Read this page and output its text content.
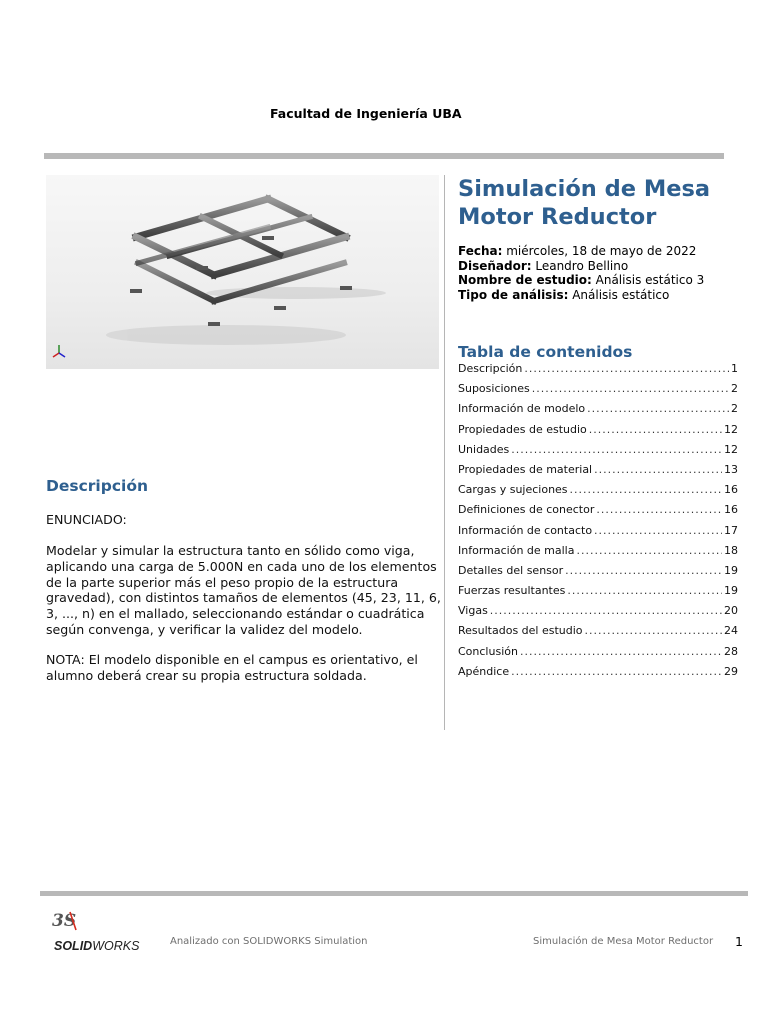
Facultad de Ingeniería UBA
Simulación de Mesa
Motor Reductor
Fecha: miércoles, 18 de mayo de 2022
Diseñador: Leandro Bellino
Nombre de estudio: Análisis estático 3
Tipo de análisis: Análisis estático
Tabla de contenidos
Descripción .....	1
Suposiciones .....	2
Información de modelo .....	2
Propiedades de estudio .....	12
Unidades .....	12
Propiedades de material .....	13
Cargas y sujeciones .....	16
Definiciones de conector .....	16
Información de contacto .....	17
Información de malla .....	18
Detalles del sensor .....	19
Fuerzas resultantes .....	19
Vigas .....	20
Resultados del estudio .....	24
Conclusión .....	28
Apéndice .....	29
Descripción
ENUNCIADO:
Modelar y simular la estructura tanto en sólido como viga, aplicando una carga de 5.000N en cada uno de los elementos de la parte superior más el peso propio de la estructura gravedad), con distintos tamaños de elementos (45, 23, 11, 6, 3, ..., n) en el mallado, seleccionando estándar o cuadrática según convenga, y verificar la validez del modelo.
NOTA: El modelo disponible en el campus es orientativo, el alumno deberá crear su propia estructura soldada.
3S
SOLIDWORKS	Analizado con SOLIDWORKS Simulation	Simulación de Mesa Motor Reductor 1
